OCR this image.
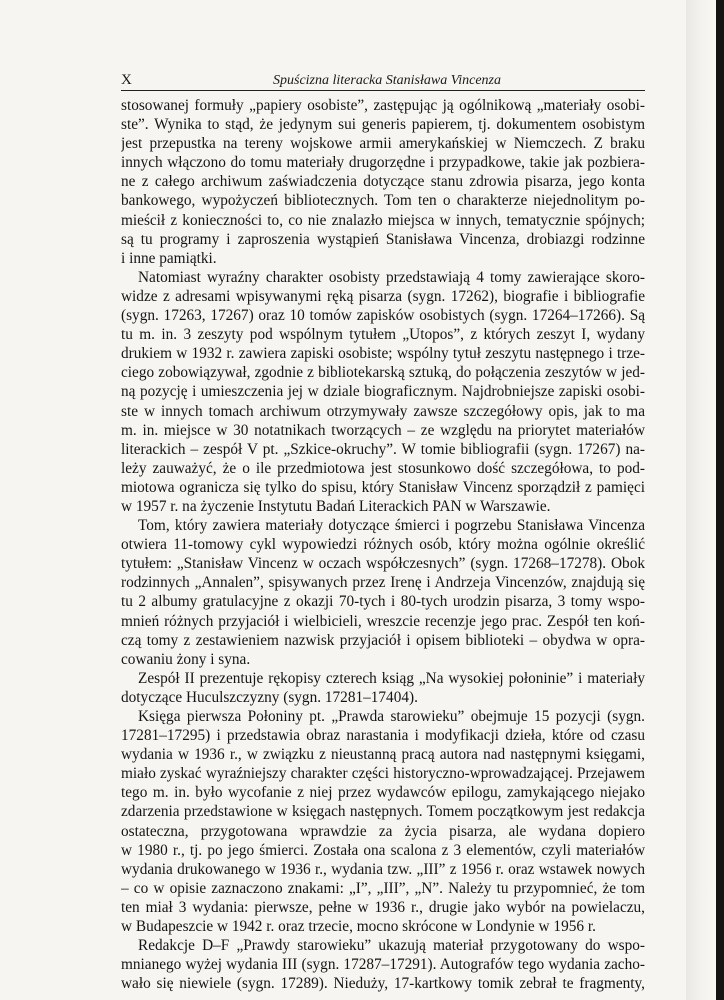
X	Spuścizna literacka Stanisława Vincenza
stosowanej formuły „papiery osobiste”, zastępując ją ogólnikową „materiały osobi-
ste”. Wynika to stąd, że jedynym sui generis papierem, tj. dokumentem osobistym
jest przepustka na tereny wojskowe armii amerykańskiej w Niemczech. Z braku
innych włączono do tomu materiały drugorzędne i przypadkowe, takie jak pozbiera-
ne z całego archiwum zaświadczenia dotyczące stanu zdrowia pisarza, jego konta
bankowego, wypożyczeń bibliotecznych. Tom ten o charakterze niejednolitym po-
mieścił z konieczności to, co nie znalazło miejsca w innych, tematycznie spójnych;
są tu programy i zaproszenia wystąpień Stanisława Vincenza, drobiazgi rodzinne
i inne pamiątki.
Natomiast wyraźny charakter osobisty przedstawiają 4 tomy zawierające skoro-
widze z adresami wpisywanymi ręką pisarza (sygn. 17262), biografie i bibliografie
(sygn. 17263, 17267) oraz 10 tomów zapisków osobistych (sygn. 17264–17266). Są
tu m. in. 3 zeszyty pod wspólnym tytułem „Utopos”, z których zeszyt I, wydany
drukiem w 1932 r. zawiera zapiski osobiste; wspólny tytuł zeszytu następnego i trze-
ciego zobowiązywał, zgodnie z bibliotekarską sztuką, do połączenia zeszytów w jed-
ną pozycję i umieszczenia jej w dziale biograficznym. Najdrobniejsze zapiski osobi-
ste w innych tomach archiwum otrzymywały zawsze szczegółowy opis, jak to ma
m. in. miejsce w 30 notatnikach tworzących – ze względu na priorytet materiałów
literackich – zespół V pt. „Szkice-okruchy”. W tomie bibliografii (sygn. 17267) na-
leży zauważyć, że o ile przedmiotowa jest stosunkowo dość szczegółowa, to pod-
miotowa ogranicza się tylko do spisu, który Stanisław Vincenz sporządził z pamięci
w 1957 r. na życzenie Instytutu Badań Literackich PAN w Warszawie.
Tom, który zawiera materiały dotyczące śmierci i pogrzebu Stanisława Vincenza
otwiera 11-tomowy cykl wypowiedzi różnych osób, który można ogólnie określić
tytułem: „Stanisław Vincenz w oczach współczesnych” (sygn. 17268–17278). Obok
rodzinnych „Annalen”, spisywanych przez Irenę i Andrzeja Vincenzów, znajdują się
tu 2 albumy gratulacyjne z okazji 70-tych i 80-tych urodzin pisarza, 3 tomy wspo-
mnień różnych przyjaciół i wielbicieli, wreszcie recenzje jego prac. Zespół ten koń-
czą tomy z zestawieniem nazwisk przyjaciół i opisem biblioteki – obydwa w opra-
cowaniu żony i syna.
Zespół II prezentuje rękopisy czterech ksiąg „Na wysokiej połoninie” i materiały
dotyczące Huculszczyzny (sygn. 17281–17404).
Księga pierwsza Połoniny pt. „Prawda starowieku” obejmuje 15 pozycji (sygn.
17281–17295) i przedstawia obraz narastania i modyfikacji dzieła, które od czasu
wydania w 1936 r., w związku z nieustanną pracą autora nad następnymi księgami,
miało zyskać wyraźniejszy charakter części historyczno-wprowadzającej. Przejawem
tego m. in. było wycofanie z niej przez wydawców epilogu, zamykającego niejako
zdarzenia przedstawione w księgach następnych. Tomem początkowym jest redakcja
ostateczna, przygotowana wprawdzie za życia pisarza, ale wydana dopiero
w 1980 r., tj. po jego śmierci. Została ona scalona z 3 elementów, czyli materiałów
wydania drukowanego w 1936 r., wydania tzw. „III” z 1956 r. oraz wstawek nowych
– co w opisie zaznaczono znakami: „I”, „III”, „N”. Należy tu przypomnieć, że tom
ten miał 3 wydania: pierwsze, pełne w 1936 r., drugie jako wybór na powielaczu,
w Budapeszcie w 1942 r. oraz trzecie, mocno skrócone w Londynie w 1956 r.
Redakcje D–F „Prawdy starowieku” ukazują materiał przygotowany do wspo-
mnianego wyżej wydania III (sygn. 17287–17291). Autografów tego wydania zacho-
wało się niewiele (sygn. 17289). Nieduży, 17-kartkowy tomik zebrał te fragmenty,
